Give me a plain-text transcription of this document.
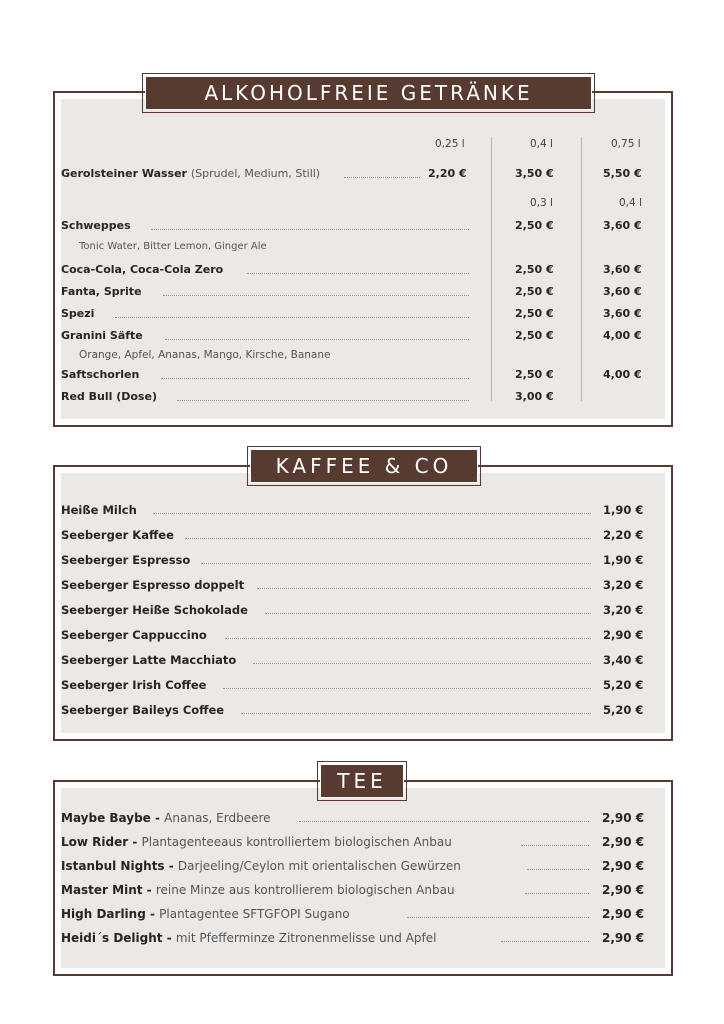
0,25 l	0,4 l	0,75 l
Gerolsteiner Wasser (Sprudel, Medium, Still)	2,20 €	3,50 €	5,50 €
0,3 l	0,4 l
Schweppes	2,50 €	3,60 €
Tonic Water, Bitter Lemon, Ginger Ale
Coca-Cola, Coca-Cola Zero	2,50 €	3,60 €
Fanta, Sprite	2,50 €	3,60 €
Spezi	2,50 €	3,60 €
Granini Säfte	2,50 €	4,00 €
Orange, Apfel, Ananas, Mango, Kirsche, Banane
Saftschorlen	2,50 €	4,00 €
Red Bull (Dose)	3,00 €
ALKOHOLFREIE GETRÄNKE
Heiße Milch	1,90 €
Seeberger Kaffee	2,20 €
Seeberger Espresso	1,90 €
Seeberger Espresso doppelt	3,20 €
Seeberger Heiße Schokolade	3,20 €
Seeberger Cappuccino	2,90 €
Seeberger Latte Macchiato	3,40 €
Seeberger Irish Coffee	5,20 €
Seeberger Baileys Coffee	5,20 €
KAFFEE & CO
Maybe Baybe - Ananas, Erdbeere	2,90 €
Low Rider - Plantagenteeaus kontrolliertem biologischen Anbau	2,90 €
Istanbul Nights - Darjeeling/Ceylon mit orientalischen Gewürzen	2,90 €
Master Mint - reine Minze aus kontrollierem biologischen Anbau	2,90 €
High Darling - Plantagentee SFTGFOPI Sugano	2,90 €
Heidi´s Delight - mit Pfefferminze Zitronenmelisse und Apfel	2,90 €
TEE
